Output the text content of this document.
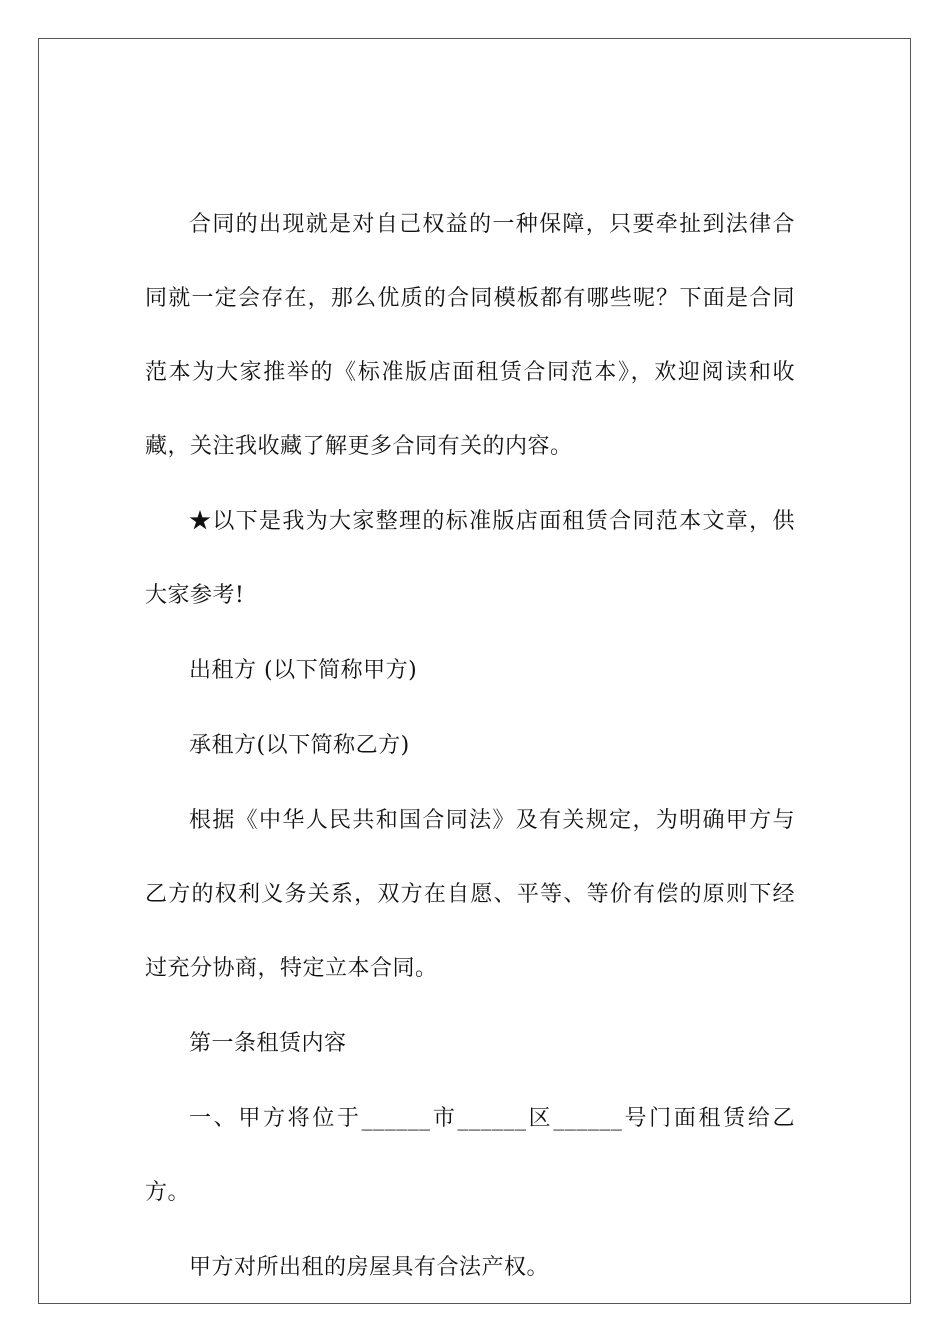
合同的出现就是对自己权益的一种保障，只要牵扯到法律合同就一定会存在，那么优质的合同模板都有哪些呢？下面是合同范本为大家推举的《标准版店面租赁合同范本》，欢迎阅读和收藏，关注我收藏了解更多合同有关的内容。

★以下是我为大家整理的标准版店面租赁合同范本文章，供大家参考!

出租方 (以下简称甲方)

承租方(以下简称乙方)

根据《中华人民共和国合同法》及有关规定，为明确甲方与乙方的权利义务关系，双方在自愿、平等、等价有偿的原则下经过充分协商，特定立本合同。

第一条租赁内容

一、甲方将位于______市______区______号门面租赁给乙方。

甲方对所出租的房屋具有合法产权。
